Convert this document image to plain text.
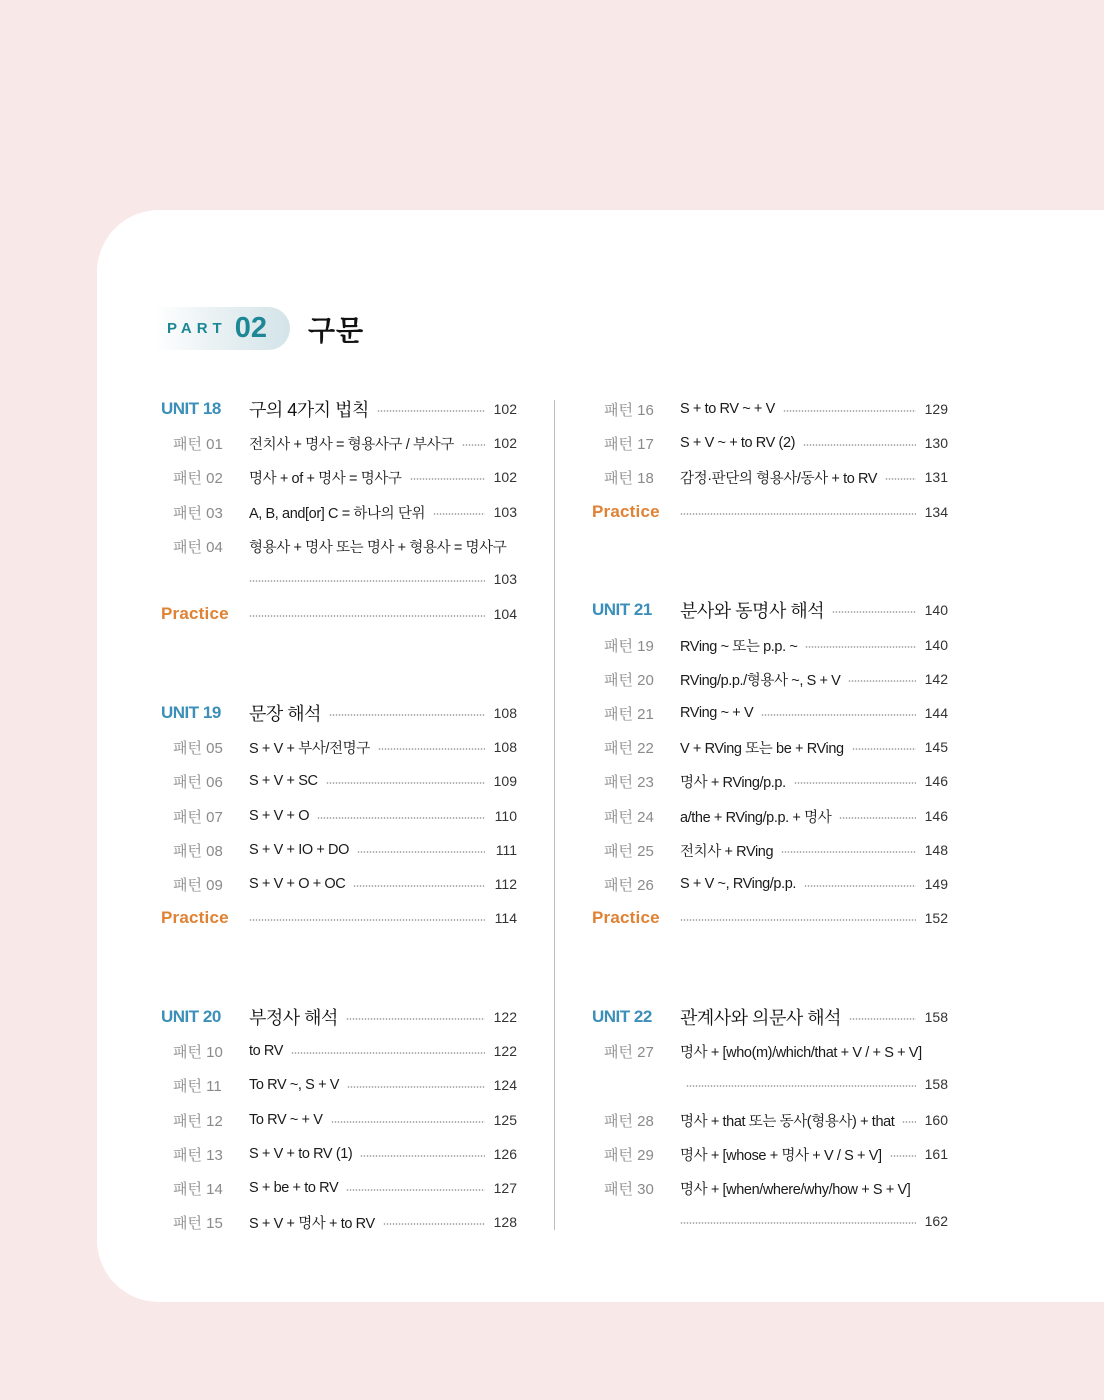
PART 02 구문
UNIT 18	구의 4가지 법칙	102
패턴 01	전치사 + 명사 = 형용사구 / 부사구	102
패턴 02	명사 + of + 명사 = 명사구	102
패턴 03	A, B, and[or] C = 하나의 단위	103
패턴 04	형용사 + 명사 또는 명사 + 형용사 = 명사구
103
Practice	104
UNIT 19	문장 해석	108
패턴 05	S + V + 부사/전명구	108
패턴 06	S + V + SC	109
패턴 07	S + V + O	110
패턴 08	S + V + IO + DO	111
패턴 09	S + V + O + OC	112
Practice	114
UNIT 20	부정사 해석	122
패턴 10	to RV	122
패턴 11	To RV ~, S + V	124
패턴 12	To RV ~ + V	125
패턴 13	S + V + to RV (1)	126
패턴 14	S + be + to RV	127
패턴 15	S + V + 명사 + to RV	128
패턴 16	S + to RV ~ + V	129
패턴 17	S + V ~ + to RV (2)	130
패턴 18	감정·판단의 형용사/동사 + to RV	131
Practice	134
UNIT 21	분사와 동명사 해석	140
패턴 19	RVing ~ 또는 p.p. ~	140
패턴 20	RVing/p.p./형용사 ~, S + V	142
패턴 21	RVing ~ + V	144
패턴 22	V + RVing 또는 be + RVing	145
패턴 23	명사 + RVing/p.p.	146
패턴 24	a/the + RVing/p.p. + 명사	146
패턴 25	전치사 + RVing	148
패턴 26	S + V ~, RVing/p.p.	149
Practice	152
UNIT 22	관계사와 의문사 해석	158
패턴 27	명사 + [who(m)/which/that + V / + S + V]
158
패턴 28	명사 + that 또는 동사(형용사) + that 160
패턴 29	명사 + [whose + 명사 + V / S + V]	161
패턴 30	명사 + [when/where/why/how + S + V]
162
